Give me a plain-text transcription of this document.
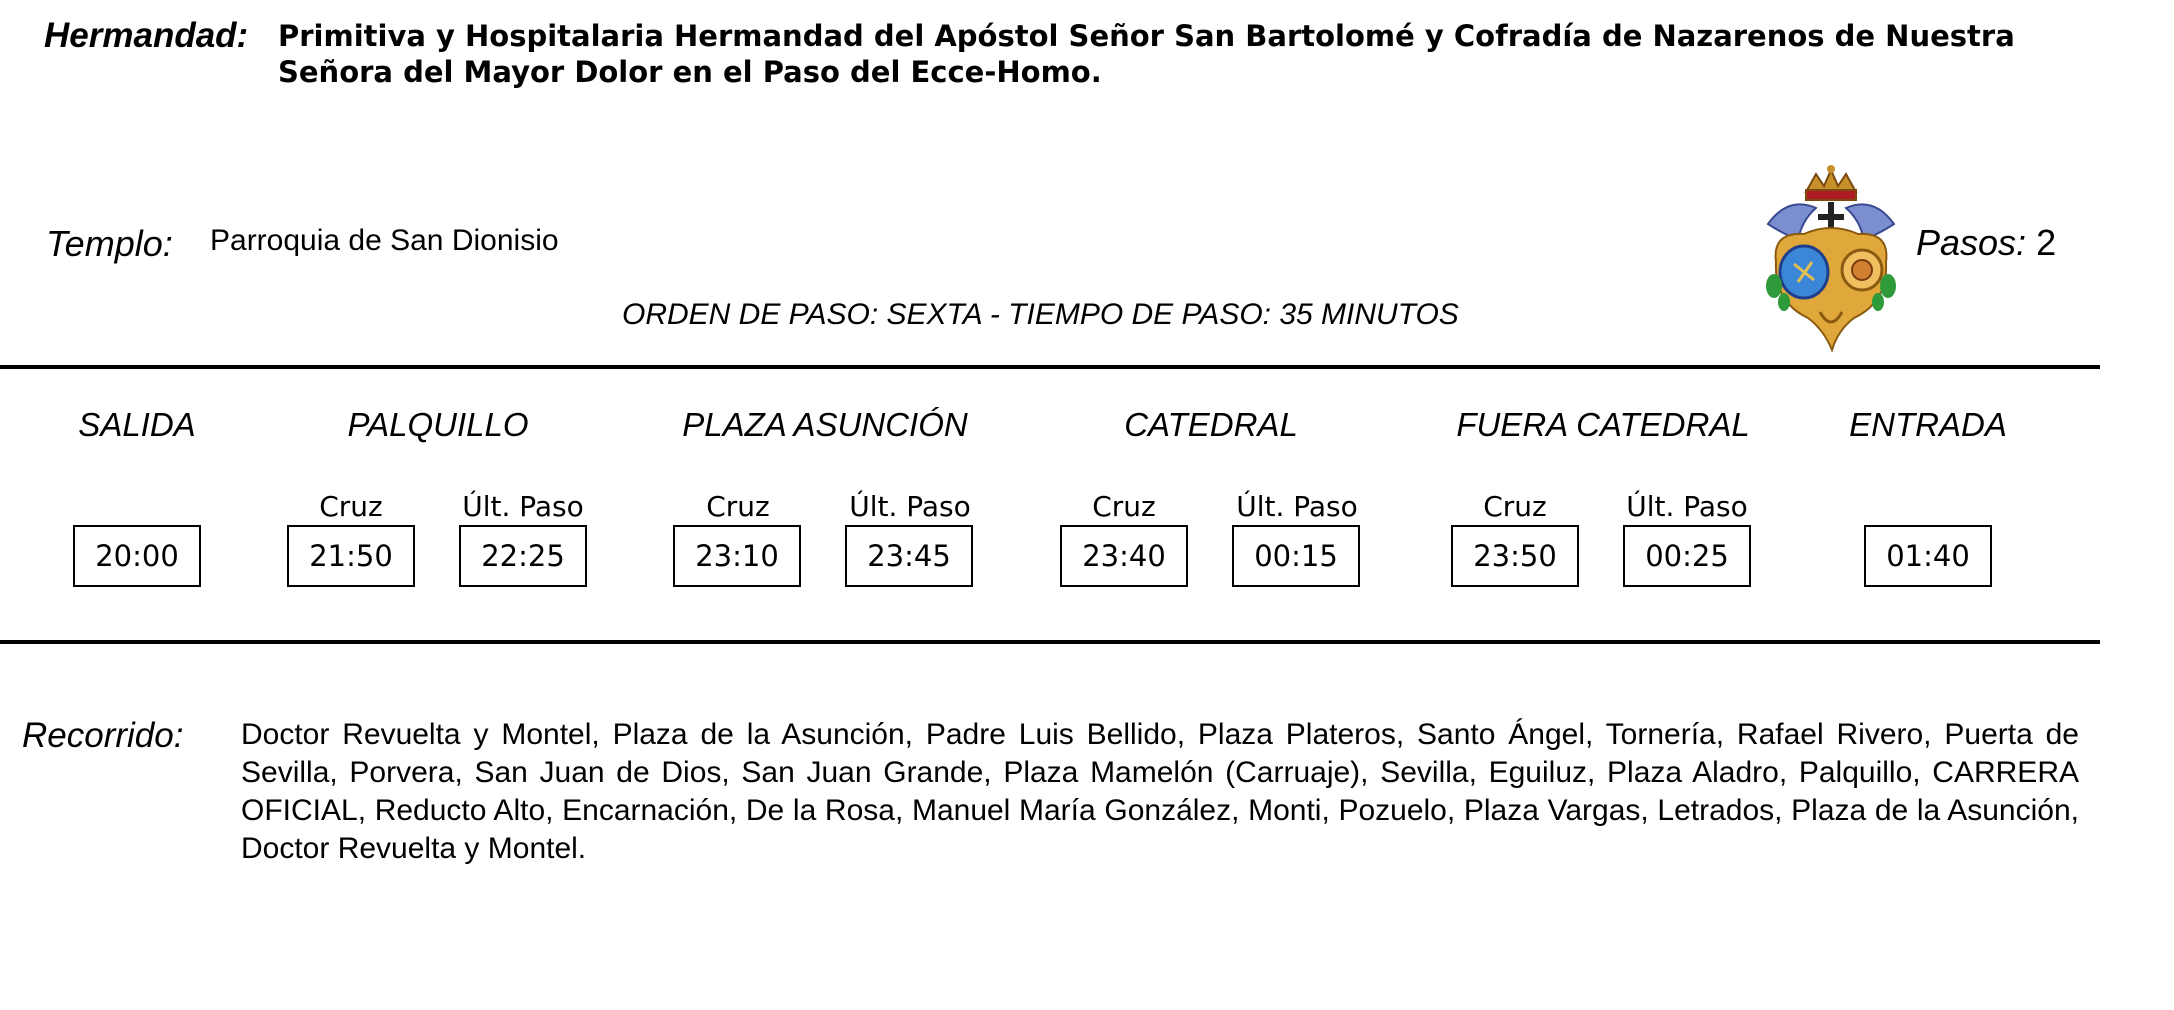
Hermandad: Primitiva y Hospitalaria Hermandad del Apóstol Señor San Bartolomé y Cofradía de Nazarenos de Nuestra Señora del Mayor Dolor en el Paso del Ecce-Homo.
Templo: Parroquia de San Dionisio
ORDEN DE PASO: SEXTA - TIEMPO DE PASO: 35 MINUTOS
Pasos: 2
SALIDA	PALQUILLO	PLAZA ASUNCIÓN	CATEDRAL	FUERA CATEDRAL	ENTRADA
Cruz	Últ. Paso	Cruz	Últ. Paso	Cruz	Últ. Paso	Cruz	Últ. Paso
20:00	21:50	22:25	23:10	23:45	23:40	00:15	23:50	00:25	01:40
Recorrido: Doctor Revuelta y Montel, Plaza de la Asunción, Padre Luis Bellido, Plaza Plateros, Santo Ángel, Tornería, Rafael Rivero, Puerta de Sevilla, Porvera, San Juan de Dios, San Juan Grande, Plaza Mamelón (Carruaje), Sevilla, Eguiluz, Plaza Aladro, Palquillo, CARRERA OFICIAL, Reducto Alto, Encarnación, De la Rosa, Manuel María González, Monti, Pozuelo, Plaza Vargas, Letrados, Plaza de la Asunción, Doctor Revuelta y Montel.
